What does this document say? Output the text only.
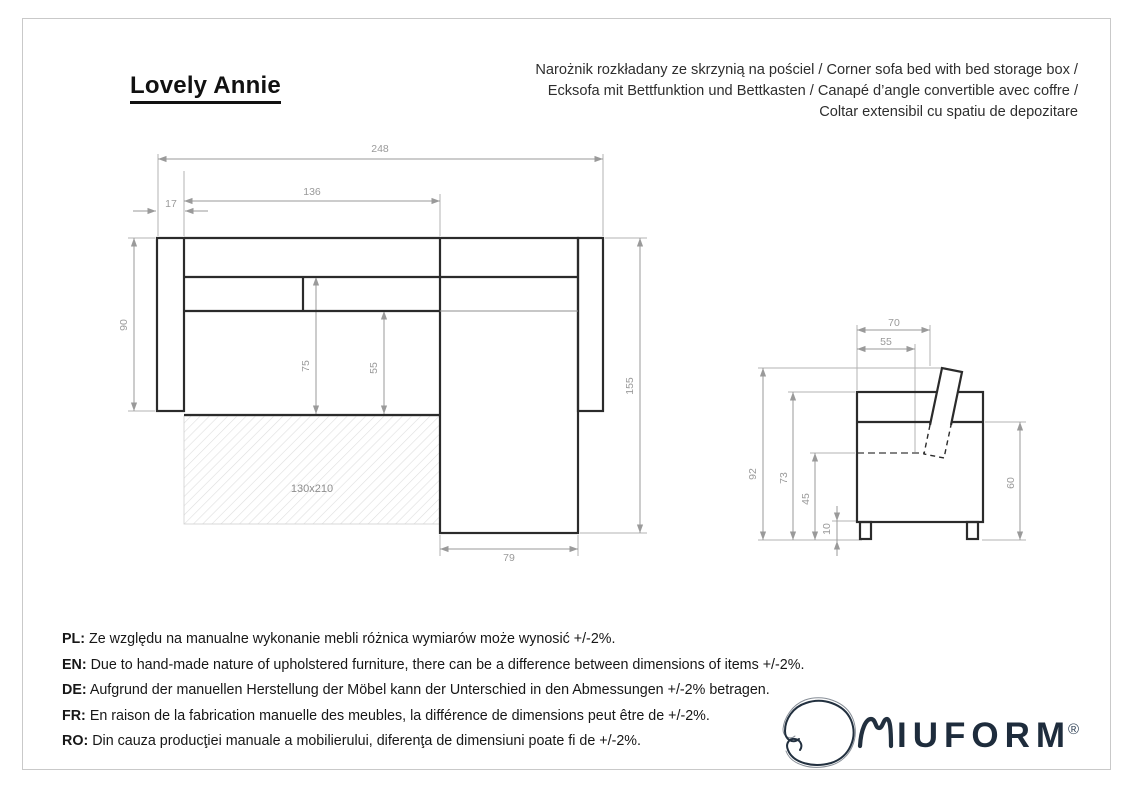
Lovely Annie
Narożnik rozkładany ze skrzynią na pościel / Corner sofa bed with bed storage box /
Ecksofa mit Bettfunktion und Bettkasten / Canapé d’angle convertible avec coffre /
Coltar extensibil cu spatiu de depozitare
248
136
17
90
75	55
155
79
130x210
70
55
92 73
45
10
60
IUFORM
®

PL: Ze względu na manualne wykonanie mebli różnica wymiarów może wynosić +/-2%.

EN: Due to hand-made nature of upholstered furniture, there can be a difference between dimensions of items +/-2%.

DE: Aufgrund der manuellen Herstellung der Möbel kann der Unterschied in den Abmessungen +/-2% betragen.

FR: En raison de la fabrication manuelle des meubles, la différence de dimensions peut être de +/-2%.

RO: Din cauza producţiei manuale a mobilierului, diferenţa de dimensiuni poate fi de +/-2%.
